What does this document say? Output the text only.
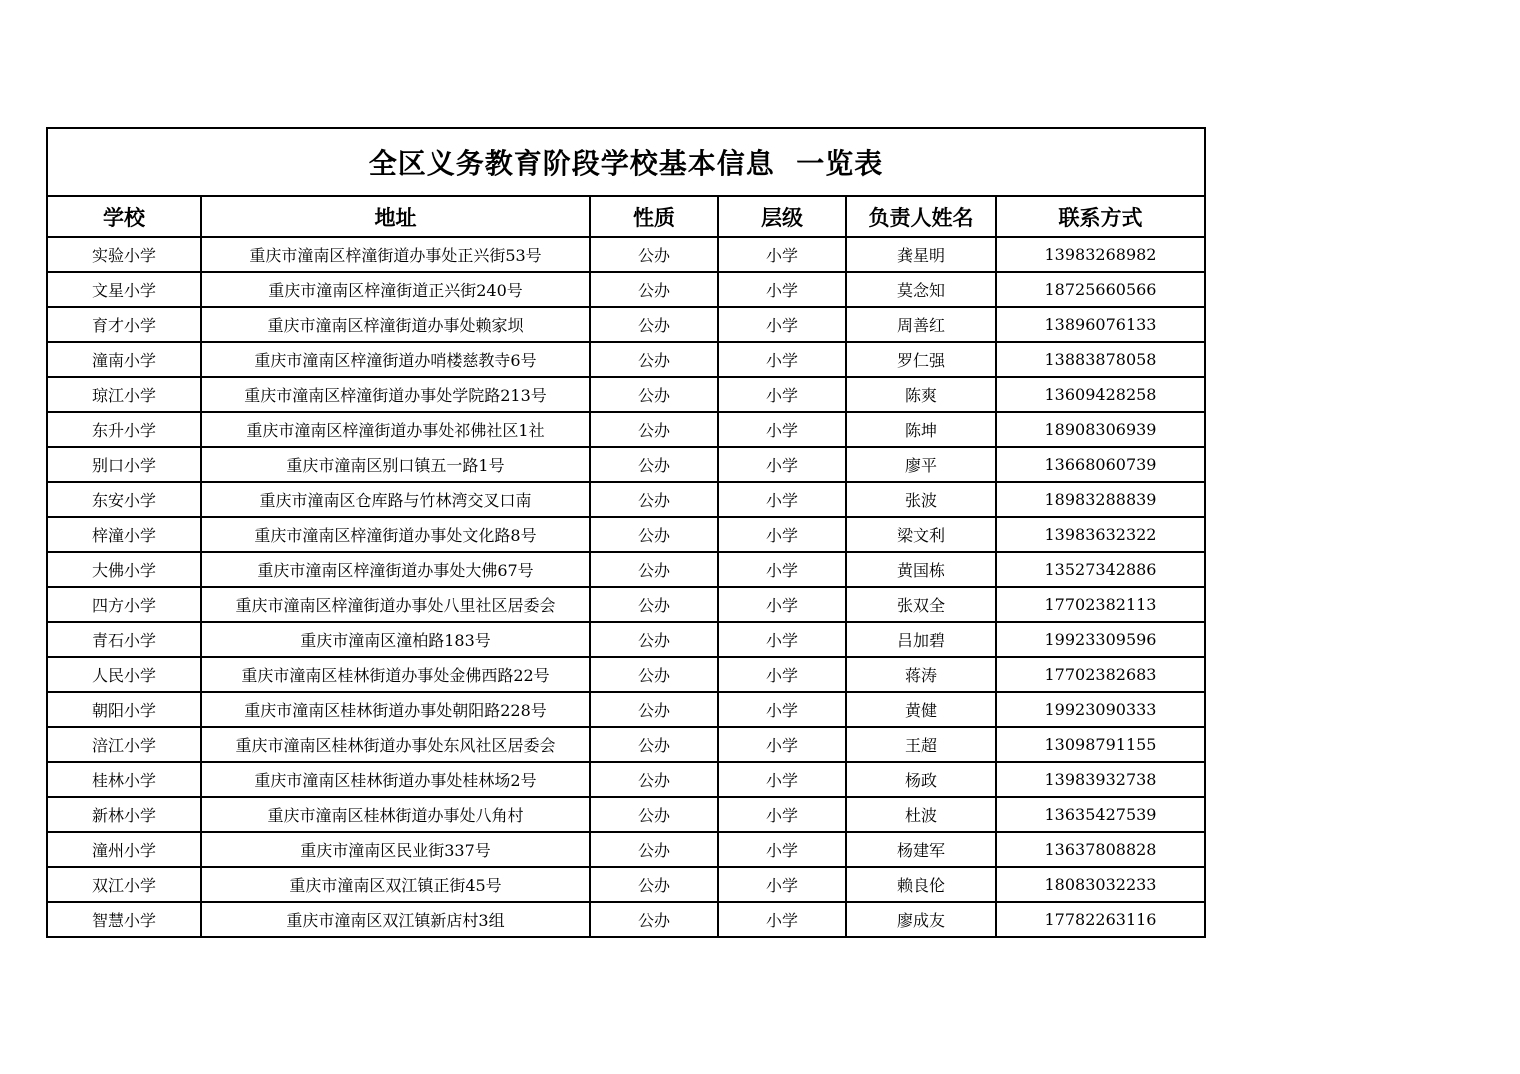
全区义务教育阶段学校基本信息  一览表
学校	地址	性质	层级	负责人姓名	联系方式
实验小学	重庆市潼南区梓潼街道办事处正兴街53号	公办	小学	龚星明	13983268982
文星小学	重庆市潼南区梓潼街道正兴街240号	公办	小学	莫念知	18725660566
育才小学	重庆市潼南区梓潼街道办事处赖家坝	公办	小学	周善红	13896076133
潼南小学	重庆市潼南区梓潼街道办哨楼慈教寺6号	公办	小学	罗仁强	13883878058
琼江小学	重庆市潼南区梓潼街道办事处学院路213号	公办	小学	陈爽	13609428258
东升小学	重庆市潼南区梓潼街道办事处祁佛社区1社	公办	小学	陈坤	18908306939
别口小学	重庆市潼南区别口镇五一路1号	公办	小学	廖平	13668060739
东安小学	重庆市潼南区仓库路与竹林湾交叉口南	公办	小学	张波	18983288839
梓潼小学	重庆市潼南区梓潼街道办事处文化路8号	公办	小学	梁文利	13983632322
大佛小学	重庆市潼南区梓潼街道办事处大佛67号	公办	小学	黄国栋	13527342886
四方小学	重庆市潼南区梓潼街道办事处八里社区居委会	公办	小学	张双全	17702382113
青石小学	重庆市潼南区潼柏路183号	公办	小学	吕加碧	19923309596
人民小学	重庆市潼南区桂林街道办事处金佛西路22号	公办	小学	蒋涛	17702382683
朝阳小学	重庆市潼南区桂林街道办事处朝阳路228号	公办	小学	黄健	19923090333
涪江小学	重庆市潼南区桂林街道办事处东风社区居委会	公办	小学	王超	13098791155
桂林小学	重庆市潼南区桂林街道办事处桂林场2号	公办	小学	杨政	13983932738
新林小学	重庆市潼南区桂林街道办事处八角村	公办	小学	杜波	13635427539
潼州小学	重庆市潼南区民业街337号	公办	小学	杨建军	13637808828
双江小学	重庆市潼南区双江镇正街45号	公办	小学	赖良伦	18083032233
智慧小学	重庆市潼南区双江镇新店村3组	公办	小学	廖成友	17782263116
